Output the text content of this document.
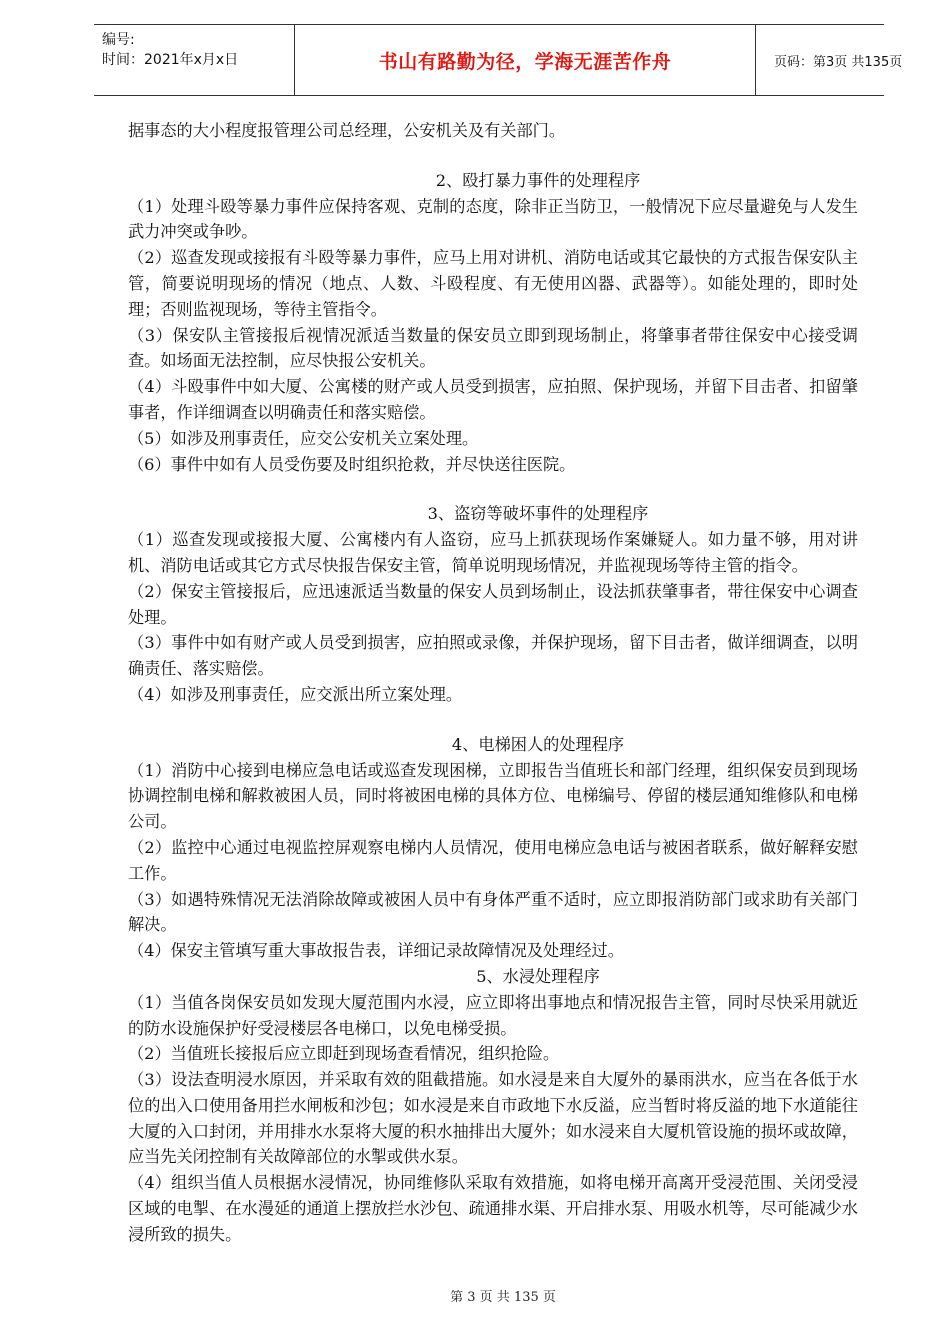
编号:
时间：2021年x月x日	书山有路勤为径，学海无涯苦作舟	页码：第3页 共135页

据事态的大小程度报管理公司总经理，公安机关及有关部门。

2、殴打暴力事件的处理程序

（1）处理斗殴等暴力事件应保持客观、克制的态度，除非正当防卫，一般情况下应尽量避免与人发生武力冲突或争吵。

（2）巡查发现或接报有斗殴等暴力事件，应马上用对讲机、消防电话或其它最快的方式报告保安队主管，简要说明现场的情况（地点、人数、斗殴程度、有无使用凶器、武器等）。如能处理的，即时处理；否则监视现场，等待主管指令。

（3）保安队主管接报后视情况派适当数量的保安员立即到现场制止，将肇事者带往保安中心接受调查。如场面无法控制，应尽快报公安机关。

（4）斗殴事件中如大厦、公寓楼的财产或人员受到损害，应拍照、保护现场，并留下目击者、扣留肇事者，作详细调查以明确责任和落实赔偿。

（5）如涉及刑事责任，应交公安机关立案处理。

（6）事件中如有人员受伤要及时组织抢救，并尽快送往医院。

3、盗窃等破坏事件的处理程序

（1）巡查发现或接报大厦、公寓楼内有人盗窃，应马上抓获现场作案嫌疑人。如力量不够，用对讲机、消防电话或其它方式尽快报告保安主管，简单说明现场情况，并监视现场等待主管的指令。

（2）保安主管接报后，应迅速派适当数量的保安人员到场制止，设法抓获肇事者，带往保安中心调查处理。

（3）事件中如有财产或人员受到损害，应拍照或录像，并保护现场，留下目击者，做详细调查，以明确责任、落实赔偿。

（4）如涉及刑事责任，应交派出所立案处理。

4、电梯困人的处理程序

（1）消防中心接到电梯应急电话或巡查发现困梯，立即报告当值班长和部门经理，组织保安员到现场协调控制电梯和解救被困人员，同时将被困电梯的具体方位、电梯编号、停留的楼层通知维修队和电梯公司。

（2）监控中心通过电视监控屏观察电梯内人员情况，使用电梯应急电话与被困者联系，做好解释安慰工作。

（3）如遇特殊情况无法消除故障或被困人员中有身体严重不适时，应立即报消防部门或求助有关部门解决。

（4）保安主管填写重大事故报告表，详细记录故障情况及处理经过。

5、水浸处理程序

（1）当值各岗保安员如发现大厦范围内水浸，应立即将出事地点和情况报告主管，同时尽快采用就近的防水设施保护好受浸楼层各电梯口，以免电梯受损。

（2）当值班长接报后应立即赶到现场查看情况，组织抢险。

（3）设法查明浸水原因，并采取有效的阻截措施。如水浸是来自大厦外的暴雨洪水，应当在各低于水位的出入口使用备用拦水闸板和沙包；如水浸是来自市政地下水反溢，应当暂时将反溢的地下水道能往大厦的入口封闭，并用排水水泵将大厦的积水抽排出大厦外；如水浸来自大厦机管设施的损坏或故障，应当先关闭控制有关故障部位的水掣或供水泵。

（4）组织当值人员根据水浸情况，协同维修队采取有效措施，如将电梯开高离开受浸范围、关闭受浸区域的电掣、在水漫延的通道上摆放拦水沙包、疏通排水渠、开启排水泵、用吸水机等，尽可能减少水浸所致的损失。

第 3 页 共 135 页
